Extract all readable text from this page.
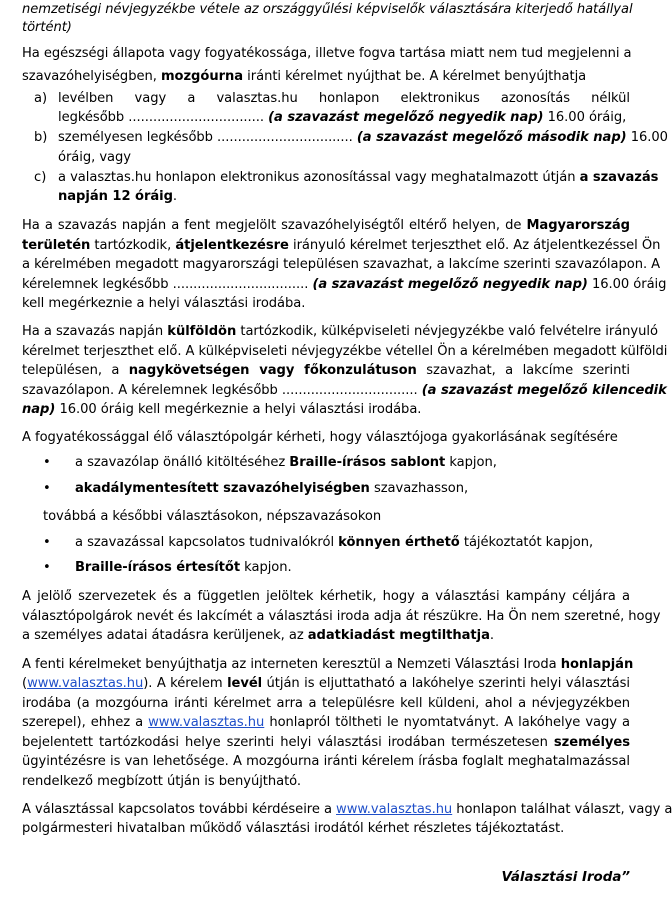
nemzetiségi névjegyzékbe vétele az országgyűlési képviselők választására kiterjedő hatállyal
történt)
Ha egészségi állapota vagy fogyatékossága, illetve fogva tartása miatt nem tud megjelenni a
szavazóhelyiségben, mozgóurna iránti kérelmet nyújthat be. A kérelmet benyújthatja
a) levélben vagy a valasztas.hu honlapon elektronikus azonosítás nélkül
legkésőbb ................................. (a szavazást megelőző negyedik nap) 16.00 óráig,
b) személyesen legkésőbb ................................. (a szavazást megelőző második nap) 16.00
óráig, vagy
c) a valasztas.hu honlapon elektronikus azonosítással vagy meghatalmazott útján a szavazás
napján 12 óráig.
Ha a szavazás napján a fent megjelölt szavazóhelyiségtől eltérő helyen, de Magyarország
területén tartózkodik, átjelentkezésre irányuló kérelmet terjeszthet elő. Az átjelentkezéssel Ön
a kérelmében megadott magyarországi településen szavazhat, a lakcíme szerinti szavazólapon. A
kérelemnek legkésőbb ................................. (a szavazást megelőző negyedik nap) 16.00 óráig
kell megérkeznie a helyi választási irodába.
Ha a szavazás napján külföldön tartózkodik, külképviseleti névjegyzékbe való felvételre irányuló
kérelmet terjeszthet elő. A külképviseleti névjegyzékbe vétellel Ön a kérelmében megadott külföldi
településen, a nagykövetségen vagy főkonzulátuson szavazhat, a lakcíme szerinti
szavazólapon. A kérelemnek legkésőbb ................................. (a szavazást megelőző kilencedik
nap) 16.00 óráig kell megérkeznie a helyi választási irodába.
A fogyatékossággal élő választópolgár kérheti, hogy választójoga gyakorlásának segítésére
• a szavazólap önálló kitöltéséhez Braille-írásos sablont kapjon,
• akadálymentesített szavazóhelyiségben szavazhasson,
továbbá a későbbi választásokon, népszavazásokon
• a szavazással kapcsolatos tudnivalókról könnyen érthető tájékoztatót kapjon,
• Braille-írásos értesítőt kapjon.
A jelölő szervezetek és a független jelöltek kérhetik, hogy a választási kampány céljára a
választópolgárok nevét és lakcímét a választási iroda adja át részükre. Ha Ön nem szeretné, hogy
a személyes adatai átadásra kerüljenek, az adatkiadást megtilthatja.
A fenti kérelmeket benyújthatja az interneten keresztül a Nemzeti Választási Iroda honlapján
(www.valasztas.hu). A kérelem levél útján is eljuttatható a lakóhelye szerinti helyi választási
irodába (a mozgóurna iránti kérelmet arra a településre kell küldeni, ahol a névjegyzékben
szerepel), ehhez a www.valasztas.hu honlapról töltheti le nyomtatványt. A lakóhelye vagy a
bejelentett tartózkodási helye szerinti helyi választási irodában természetesen személyes
ügyintézésre is van lehetősége. A mozgóurna iránti kérelem írásba foglalt meghatalmazással
rendelkező megbízott útján is benyújtható.
A választással kapcsolatos további kérdéseire a www.valasztas.hu honlapon találhat választ, vagy a
polgármesteri hivatalban működő választási irodától kérhet részletes tájékoztatást.
Választási Iroda”
